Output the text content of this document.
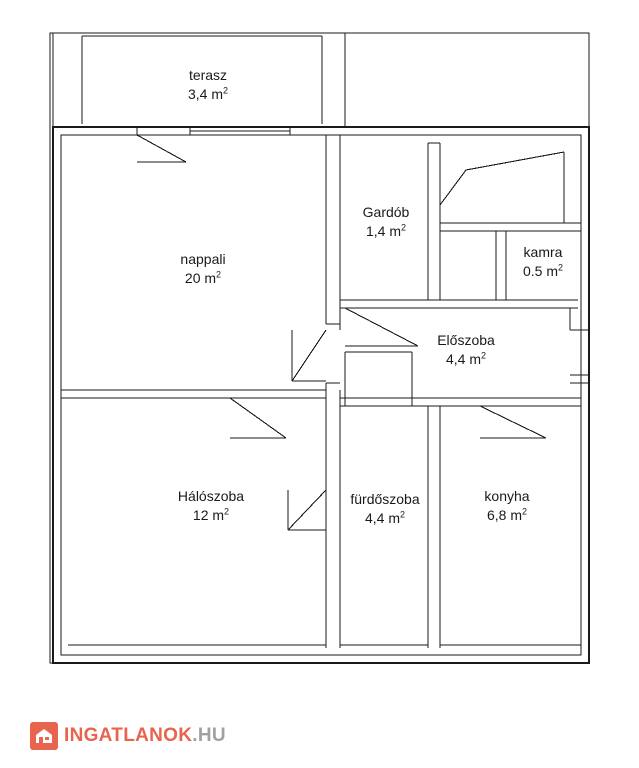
terasz
3,4 $m^2$
nappali
20 $m^2$
Gardób
1,4 $m^2$
kamra
0.5 $m^2$
Előszoba
4,4 $m^2$
Hálószoba
12 $m^2$
fürdőszoba
4,4 $m^2$
konyha
6,8 $m^2$
INGATLANOK.HU
